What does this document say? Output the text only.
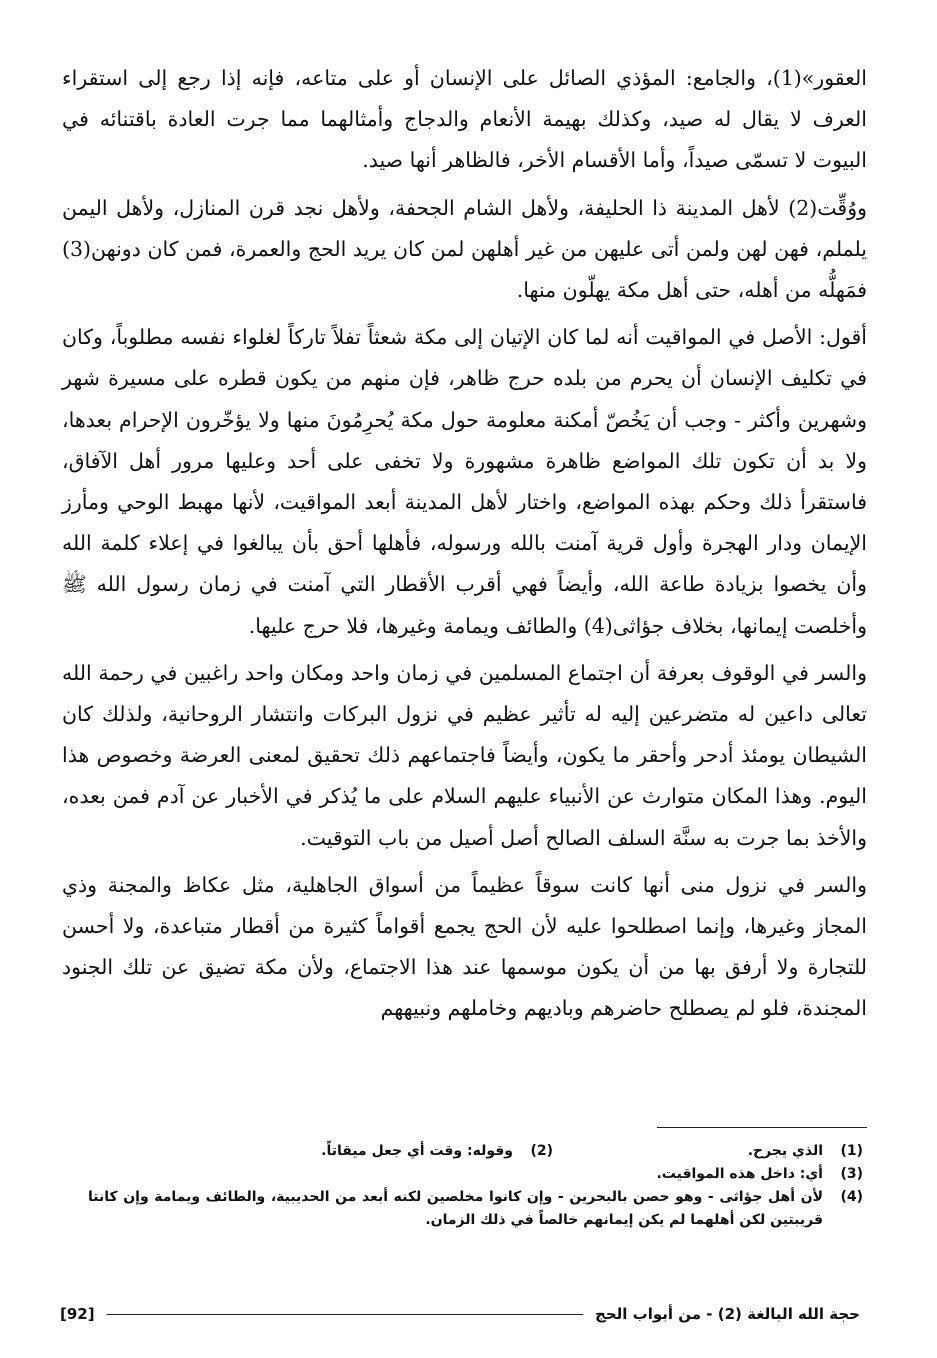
العقور»(1)، والجامع: المؤذي الصائل على الإنسان أو على متاعه، فإنه إذا رجع إلى استقراء العرف لا يقال له صيد، وكذلك بهيمة الأنعام والدجاج وأمثالهما مما جرت العادة باقتنائه في البيوت لا تسمّى صيداً، وأما الأقسام الأخر، فالظاهر أنها صيد.

ووُقِّت(2) لأهل المدينة ذا الحليفة، ولأهل الشام الجحفة، ولأهل نجد قرن المنازل، ولأهل اليمن يلملم، فهن لهن ولمن أتى عليهن من غير أهلهن لمن كان يريد الحج والعمرة، فمن كان دونهن(3) فمَهلُّه من أهله، حتى أهل مكة يهلّون منها.

أقول: الأصل في المواقيت أنه لما كان الإتيان إلى مكة شعثاً تفلاً تاركاً لغلواء نفسه مطلوباً، وكان في تكليف الإنسان أن يحرم من بلده حرج ظاهر، فإن منهم من يكون قطره على مسيرة شهر وشهرين وأكثر - وجب أن يَخُصّ أمكنة معلومة حول مكة يُحرِمُونَ منها ولا يؤخّرون الإحرام بعدها، ولا بد أن تكون تلك المواضع ظاهرة مشهورة ولا تخفى على أحد وعليها مرور أهل الآفاق، فاستقرأ ذلك وحكم بهذه المواضع، واختار لأهل المدينة أبعد المواقيت، لأنها مهبط الوحي ومأرز الإيمان ودار الهجرة وأول قرية آمنت بالله ورسوله، فأهلها أحق بأن يبالغوا في إعلاء كلمة الله وأن يخصوا بزيادة طاعة الله، وأيضاً فهي أقرب الأقطار التي آمنت في زمان رسول الله ﷺ وأخلصت إيمانها، بخلاف جؤاثى(4) والطائف ويمامة وغيرها، فلا حرج عليها.

والسر في الوقوف بعرفة أن اجتماع المسلمين في زمان واحد ومكان واحد راغبين في رحمة الله تعالى داعين له متضرعين إليه له تأثير عظيم في نزول البركات وانتشار الروحانية، ولذلك كان الشيطان يومئذ أدحر وأحقر ما يكون، وأيضاً فاجتماعهم ذلك تحقيق لمعنى العرضة وخصوص هذا اليوم. وهذا المكان متوارث عن الأنبياء عليهم السلام على ما يُذكر في الأخبار عن آدم فمن بعده، والأخذ بما جرت به سنَّة السلف الصالح أصل أصيل من باب التوقيت.

والسر في نزول منى أنها كانت سوقاً عظيماً من أسواق الجاهلية، مثل عكاظ والمجنة وذي المجاز وغيرها، وإنما اصطلحوا عليه لأن الحج يجمع أقواماً كثيرة من أقطار متباعدة، ولا أحسن للتجارة ولا أرفق بها من أن يكون موسمها عند هذا الاجتماع، ولأن مكة تضيق عن تلك الجنود المجندة، فلو لم يصطلح حاضرهم وباديهم وخاملهم ونبيههم

(1)
الذي يجرح.
(2)
وقوله: وقت أي جعل ميقاتاً.
(3)
أي: داخل هذه المواقيت.
(4)
لأن أهل جؤاثى - وهو حصن بالبحرين - وإن كانوا مخلصين لكنه أبعد من الحديبية، والطائف ويمامة وإن كانتا قريبتين لكن أهلهما لم يكن إيمانهم خالصاً في ذلك الزمان.
[92]	حجة الله البالغة (2) - من أبواب الحج
